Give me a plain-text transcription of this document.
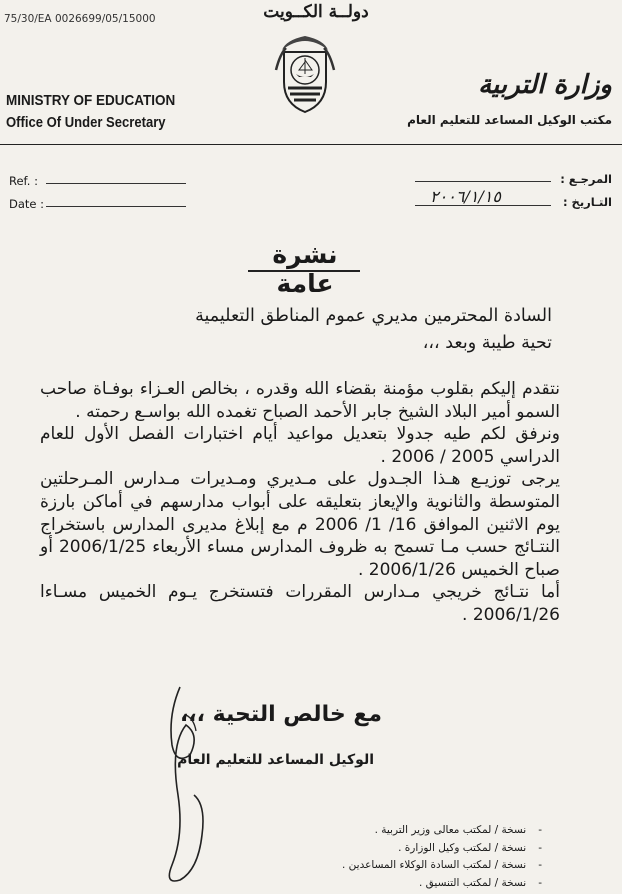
75/30/EA 0026699/05/15000	دولــة الكــويت
MINISTRY OF EDUCATION
Office Of Under Secretary
وزارة التربية
مكتب الوكيل المساعد للتعليم العام
Ref. :
Date :
المرجـع :
التـاريخ :
٢٠٠٦/١/١٥
نشرة عامة
السادة المحترمين مديري عموم المناطق التعليمية
تحية طيبة وبعد ،،،

نتقدم إليكم بقلوب مؤمنة بقضاء الله وقدره ، بخالص العـزاء بوفـاة صاحب السمو أمير البلاد الشيخ جابر الأحمد الصباح تغمده الله بواسـع رحمته .

ونرفق لكم طيه جدولا بتعديل مواعيد أيام اختبارات الفصل الأول للعام الدراسي 2005 / 2006 .

يرجى توزيـع هـذا الجـدول على مـديري ومـديرات مـدارس المـرحلتين المتوسطة والثانوية والإيعاز بتعليقه على أبواب مدارسهم في أماكن بارزة يوم الاثنين الموافق 16/ 1/ 2006 م مع إبلاغ مديرى المدارس باستخراج النتـائج حسب مـا تسمح به ظروف المدارس مساء الأربعاء 2006/1/25 أو صباح الخميس 2006/1/26 .

أما نتـائج خريجي مـدارس المقررات فتستخرج يـوم الخميس مسـاءا 2006/1/26 .

مع خالص التحية ،،،
الوكيل المساعد للتعليم العام
-نسخة / لمكتب معالى وزير التربية .
-نسخة / لمكتب وكيل الوزارة .
-نسخة / لمكتب السادة الوكلاء المساعدين .
-نسخة / لمكتب التنسيق .
